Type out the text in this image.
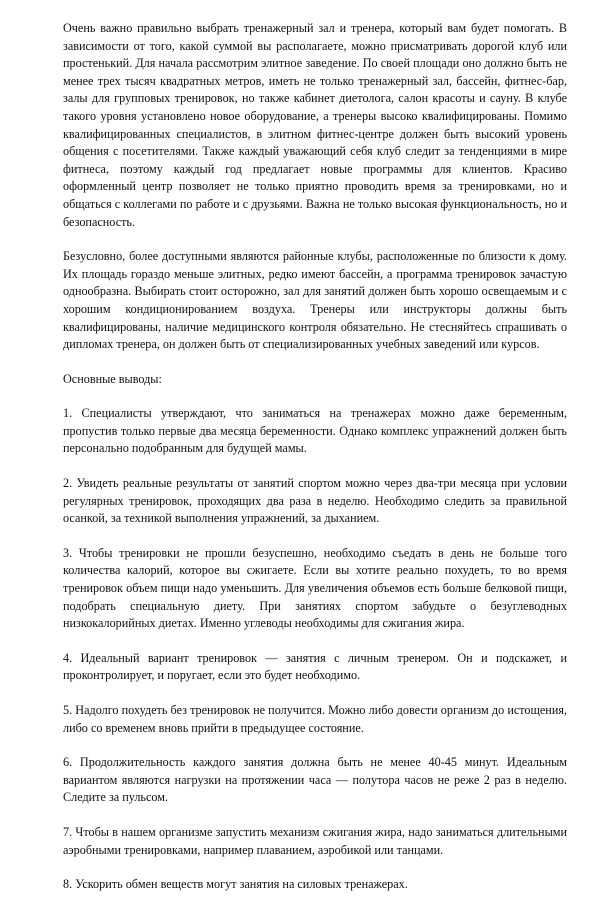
Очень важно правильно выбрать тренажерный зал и тренера, который вам будет помогать. В зависимости от того, какой суммой вы располагаете, можно присматривать дорогой клуб или простенький. Для начала рассмотрим элитное заведение. По своей площади оно должно быть не менее трех тысяч квадратных метров, иметь не только тренажерный зал, бассейн, фитнес-бар, залы для групповых тренировок, но также кабинет диетолога, салон красоты и сауну. В клубе такого уровня установлено новое оборудование, а тренеры высоко квалифицированы. Помимо квалифицированных специалистов, в элитном фитнес-центре должен быть высокий уровень общения с посетителями. Также каждый уважающий себя клуб следит за тенденциями в мире фитнеса, поэтому каждый год предлагает новые программы для клиентов. Красиво оформленный центр позволяет не только приятно проводить время за тренировками, но и общаться с коллегами по работе и с друзьями. Важна не только высокая функциональность, но и безопасность.

Безусловно, более доступными являются районные клубы, расположенные по близости к дому. Их площадь гораздо меньше элитных, редко имеют бассейн, а программа тренировок зачастую однообразна. Выбирать стоит осторожно, зал для занятий должен быть хорошо освещаемым и с хорошим кондиционированием воздуха. Тренеры или инструкторы должны быть квалифицированы, наличие медицинского контроля обязательно. Не стесняйтесь спрашивать о дипломах тренера, он должен быть от специализированных учебных заведений или курсов.

Основные выводы:

1. Специалисты утверждают, что заниматься на тренажерах можно даже беременным, пропустив только первые два месяца беременности. Однако комплекс упражнений должен быть персонально подобранным для будущей мамы.

2. Увидеть реальные результаты от занятий спортом можно через два-три месяца при условии регулярных тренировок, проходящих два раза в неделю. Необходимо следить за правильной осанкой, за техникой выполнения упражнений, за дыханием.

3. Чтобы тренировки не прошли безуспешно, необходимо съедать в день не больше того количества калорий, которое вы сжигаете. Если вы хотите реально похудеть, то во время тренировок объем пищи надо уменьшить. Для увеличения объемов есть больше белковой пищи, подобрать специальную диету. При занятиях спортом забудьте о безуглеводных низкокалорийных диетах. Именно углеводы необходимы для сжигания жира.

4. Идеальный вариант тренировок — занятия с личным тренером. Он и подскажет, и проконтролирует, и поругает, если это будет необходимо.

5. Надолго похудеть без тренировок не получится. Можно либо довести организм до истощения, либо со временем вновь прийти в предыдущее состояние.

6. Продолжительность каждого занятия должна быть не менее 40-45 минут. Идеальным вариантом являются нагрузки на протяжении часа — полутора часов не реже 2 раз в неделю. Следите за пульсом.

7. Чтобы в нашем организме запустить механизм сжигания жира, надо заниматься длительными аэробными тренировками, например плаванием, аэробикой или танцами.

8. Ускорить обмен веществ могут занятия на силовых тренажерах.
